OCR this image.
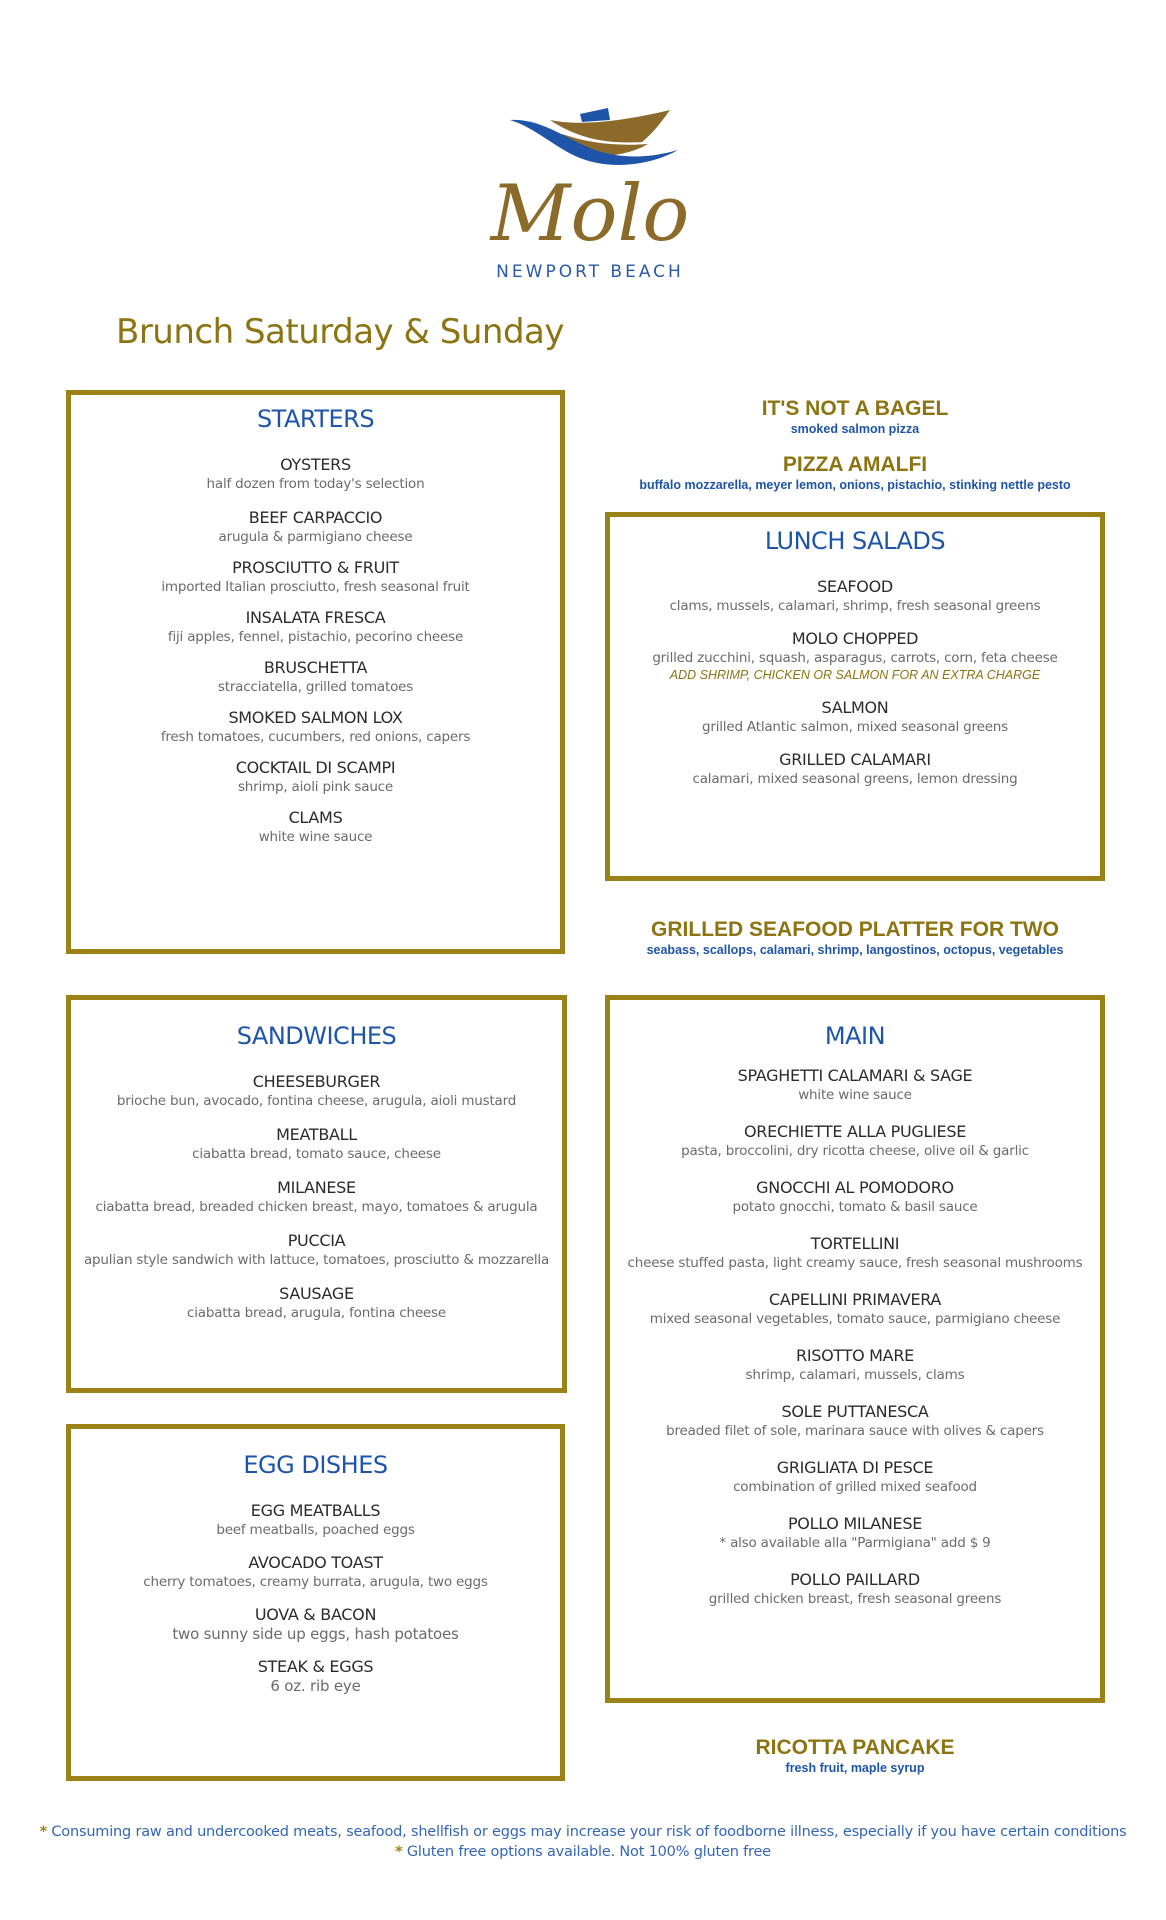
Molo
NEWPORT BEACH
Brunch Saturday & Sunday
STARTERS
OYSTERS
half dozen from today's selection
BEEF CARPACCIO
arugula & parmigiano cheese
PROSCIUTTO & FRUIT
imported Italian prosciutto, fresh seasonal fruit
INSALATA FRESCA
fiji apples, fennel, pistachio, pecorino cheese
BRUSCHETTA
stracciatella, grilled tomatoes
SMOKED SALMON LOX
fresh tomatoes, cucumbers, red onions, capers
COCKTAIL DI SCAMPI
shrimp, aioli pink sauce
CLAMS
white wine sauce
IT'S NOT A BAGEL
smoked salmon pizza
PIZZA AMALFI
buffalo mozzarella, meyer lemon, onions, pistachio, stinking nettle pesto
LUNCH SALADS
SEAFOOD
clams, mussels, calamari, shrimp, fresh seasonal greens
MOLO CHOPPED
grilled zucchini, squash, asparagus, carrots, corn, feta cheese
ADD SHRIMP, CHICKEN OR SALMON FOR AN EXTRA CHARGE
SALMON
grilled Atlantic salmon, mixed seasonal greens
GRILLED CALAMARI
calamari, mixed seasonal greens, lemon dressing
GRILLED SEAFOOD PLATTER FOR TWO
seabass, scallops, calamari, shrimp, langostinos, octopus, vegetables
SANDWICHES
CHEESEBURGER
brioche bun, avocado, fontina cheese, arugula, aioli mustard
MEATBALL
ciabatta bread, tomato sauce, cheese
MILANESE
ciabatta bread, breaded chicken breast, mayo, tomatoes & arugula
PUCCIA
apulian style sandwich with lattuce, tomatoes, prosciutto & mozzarella
SAUSAGE
ciabatta bread, arugula, fontina cheese
MAIN
SPAGHETTI CALAMARI & SAGE
white wine sauce
ORECHIETTE ALLA PUGLIESE
pasta, broccolini, dry ricotta cheese, olive oil & garlic
GNOCCHI AL POMODORO
potato gnocchi, tomato & basil sauce
TORTELLINI
cheese stuffed pasta, light creamy sauce, fresh seasonal mushrooms
CAPELLINI PRIMAVERA
mixed seasonal vegetables, tomato sauce, parmigiano cheese
RISOTTO MARE
shrimp, calamari, mussels, clams
SOLE PUTTANESCA
breaded filet of sole, marinara sauce with olives & capers
GRIGLIATA DI PESCE
combination of grilled mixed seafood
POLLO MILANESE
* also available alla "Parmigiana" add $ 9
POLLO PAILLARD
grilled chicken breast, fresh seasonal greens
EGG DISHES
EGG MEATBALLS
beef meatballs, poached eggs
AVOCADO TOAST
cherry tomatoes, creamy burrata, arugula, two eggs
UOVA & BACON
two sunny side up eggs, hash potatoes
STEAK & EGGS
6 oz. rib eye
RICOTTA PANCAKE
fresh fruit, maple syrup
* Consuming raw and undercooked meats, seafood, shellfish or eggs may increase your risk of foodborne illness, especially if you have certain conditions
* Gluten free options available. Not 100% gluten free
